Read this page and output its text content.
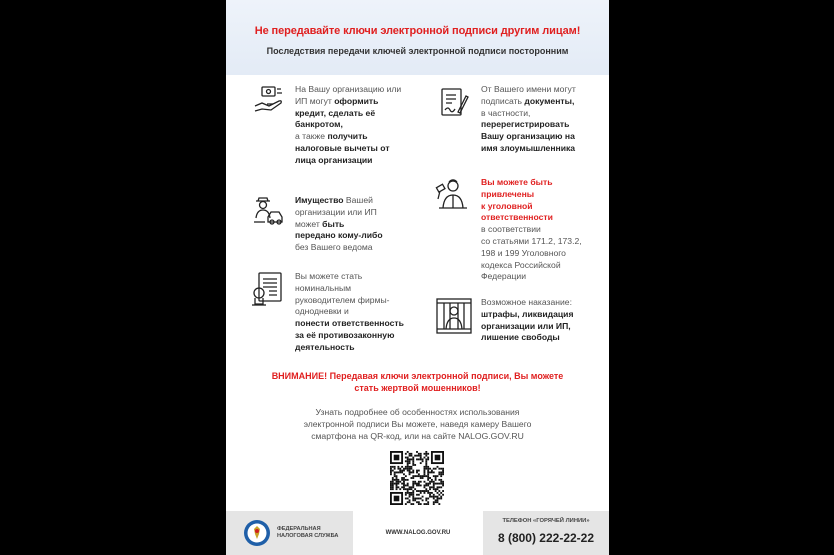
Не передавайте ключи электронной подписи другим лицам!
Последствия передачи ключей электронной подписи посторонним
На Вашу организацию или
ИП могут оформить
кредит, сделать её
банкротом,
а также получить
налоговые вычеты от
лица организации
От Вашего имени могут
подписать документы,
в частности,
перерегистрировать
Вашу организацию на
имя злоумышленника
Имущество Вашей
организации или ИП
может быть
передано кому-либо
без Вашего ведома
Вы можете быть
привлечены
к уголовной
ответственности
в соответствии
со статьями 171.2, 173.2,
198 и 199 Уголовного
кодекса Российской
Федерации
Вы можете стать
номинальным
руководителем фирмы-
однодневки и
понести ответственность
за её противозаконную
деятельность
Возможное наказание:
штрафы, ликвидация
организации или ИП,
лишение свободы
ВНИМАНИЕ! Передавая ключи электронной подписи, Вы можете
стать жертвой мошенников!
Узнать подробнее об особенностях использования
электронной подписи Вы можете, наведя камеру Вашего
смартфона на QR-код, или на сайте NALOG.GOV.RU
ФЕДЕРАЛЬНАЯ
НАЛОГОВАЯ СЛУЖБА	WWW.NALOG.GOV.RU
ТЕЛЕФОН «ГОРЯЧЕЙ ЛИНИИ»
8 (800) 222-22-22
